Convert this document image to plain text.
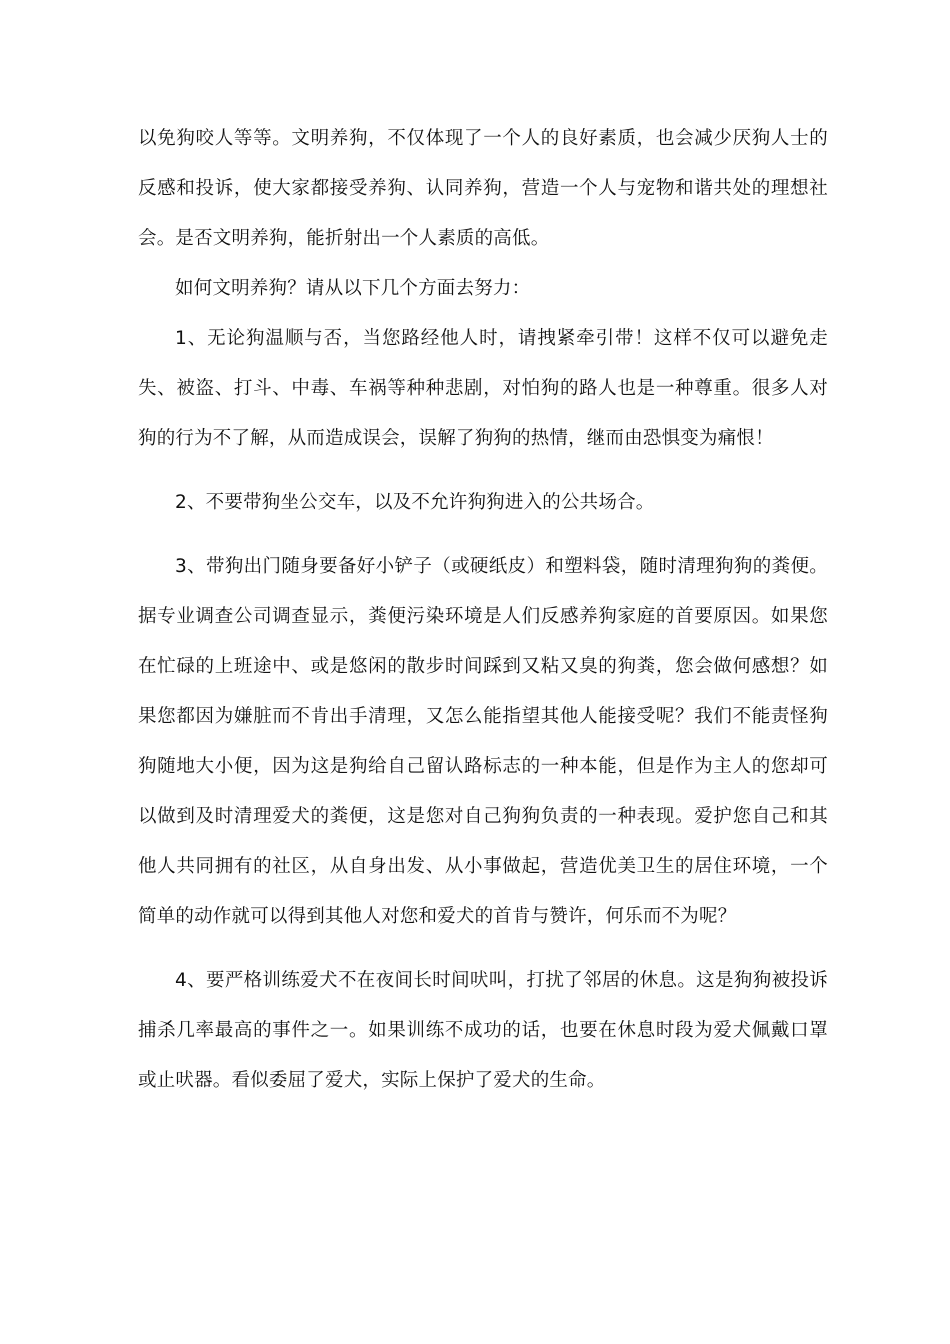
以免狗咬人等等。文明养狗，不仅体现了一个人的良好素质，也会减少厌狗人士的反感和投诉，使大家都接受养狗、认同养狗，营造一个人与宠物和谐共处的理想社会。是否文明养狗，能折射出一个人素质的高低。

如何文明养狗？请从以下几个方面去努力：

1、无论狗温顺与否，当您路经他人时，请拽紧牵引带！这样不仅可以避免走失、被盗、打斗、中毒、车祸等种种悲剧，对怕狗的路人也是一种尊重。很多人对狗的行为不了解，从而造成误会，误解了狗狗的热情，继而由恐惧变为痛恨！

2、不要带狗坐公交车，以及不允许狗狗进入的公共场合。

3、带狗出门随身要备好小铲子（或硬纸皮）和塑料袋，随时清理狗狗的粪便。据专业调查公司调查显示，粪便污染环境是人们反感养狗家庭的首要原因。如果您在忙碌的上班途中、或是悠闲的散步时间踩到又粘又臭的狗粪，您会做何感想？如果您都因为嫌脏而不肯出手清理，又怎么能指望其他人能接受呢？我们不能责怪狗狗随地大小便，因为这是狗给自己留认路标志的一种本能，但是作为主人的您却可以做到及时清理爱犬的粪便，这是您对自己狗狗负责的一种表现。爱护您自己和其他人共同拥有的社区，从自身出发、从小事做起，营造优美卫生的居住环境，一个简单的动作就可以得到其他人对您和爱犬的首肯与赞许，何乐而不为呢？

4、要严格训练爱犬不在夜间长时间吠叫，打扰了邻居的休息。这是狗狗被投诉捕杀几率最高的事件之一。如果训练不成功的话，也要在休息时段为爱犬佩戴口罩或止吠器。看似委屈了爱犬，实际上保护了爱犬的生命。
